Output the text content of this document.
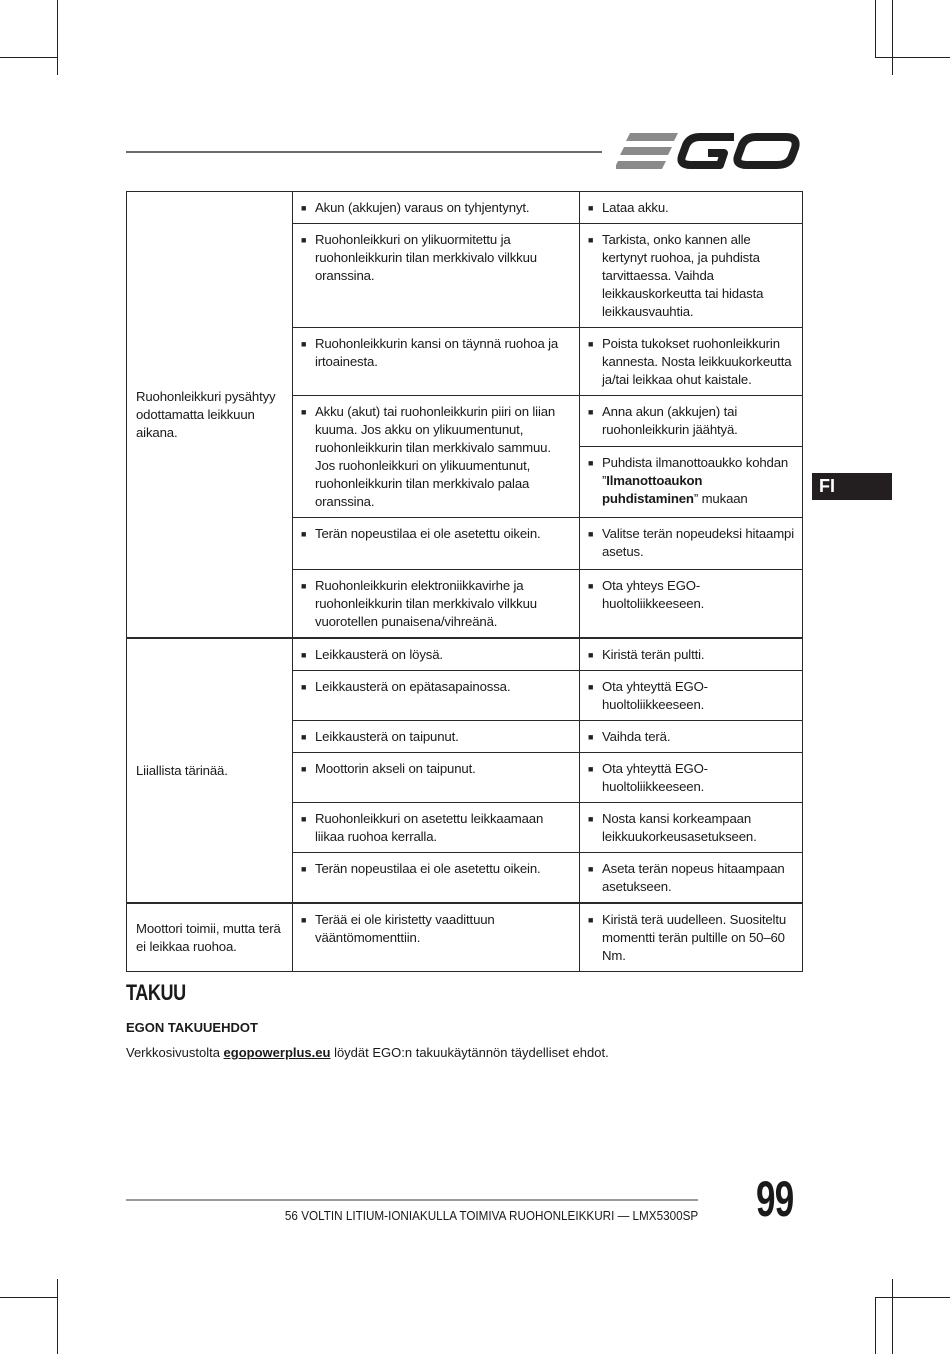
FI
Ruohonleikkuri pysähtyy odottamatta leikkuun aikana.	■ Akun (akkujen) varaus on tyhjentynyt.	■ Lataa akku.

	■ Ruohonleikkuri on ylikuormitettu ja ruohonleikkurin tilan merkkivalo vilkkuu oranssina.	■ Tarkista, onko kannen alle kertynyt ruohoa, ja puhdista tarvittaessa. Vaihda leikkauskorkeutta tai hidasta leikkausvauhtia.

	■ Ruohonleikkurin kansi on täynnä ruohoa ja irtoainesta.	■ Poista tukokset ruohonleikkurin kannesta. Nosta leikkuukorkeutta ja/tai leikkaa ohut kaistale.

	■ Akku (akut) tai ruohonleikkurin piiri on liian kuuma. Jos akku on ylikuumentunut, ruohonleikkurin tilan merkkivalo sammuu. Jos ruohonleikkuri on ylikuumentunut, ruohonleikkurin tilan merkkivalo palaa oranssina.	■ Anna akun (akkujen) tai ruohonleikkurin jäähtyä.

		■ Puhdista ilmanottoaukko kohdan ”Ilmanottoaukon puhdistaminen” mukaan

	■ Terän nopeustilaa ei ole asetettu oikein.	■ Valitse terän nopeudeksi hitaampi asetus.

	■ Ruohonleikkurin elektroniikkavirhe ja ruohonleikkurin tilan merkkivalo vilkkuu vuorotellen punaisena/vihreänä.	■ Ota yhteys EGO-huoltoliikkeeseen.

Liiallista tärinää.	■ Leikkausterä on löysä.	■ Kiristä terän pultti.

	■ Leikkausterä on epätasapainossa.	■ Ota yhteyttä EGO-huoltoliikkeeseen.

	■ Leikkausterä on taipunut.	■ Vaihda terä.

	■ Moottorin akseli on taipunut.	■ Ota yhteyttä EGO-huoltoliikkeeseen.

	■ Ruohonleikkuri on asetettu leikkaamaan liikaa ruohoa kerralla.	■ Nosta kansi korkeampaan leikkuukorkeusasetukseen.

	■ Terän nopeustilaa ei ole asetettu oikein.	■ Aseta terän nopeus hitaampaan asetukseen.

Moottori toimii, mutta terä ei leikkaa ruohoa.	■ Terää ei ole kiristetty vaadittuun vääntömomenttiin.	■ Kiristä terä uudelleen. Suositeltu momentti terän pultille on 50–60 Nm.
TAKUU
EGON TAKUUEHDOT
Verkkosivustolta egopowerplus.eu löydät EGO:n takuukäytännön täydelliset ehdot.
56 VOLTIN LITIUM-IONIAKULLA TOIMIVA RUOHONLEIKKURI — LMX5300SP 99
